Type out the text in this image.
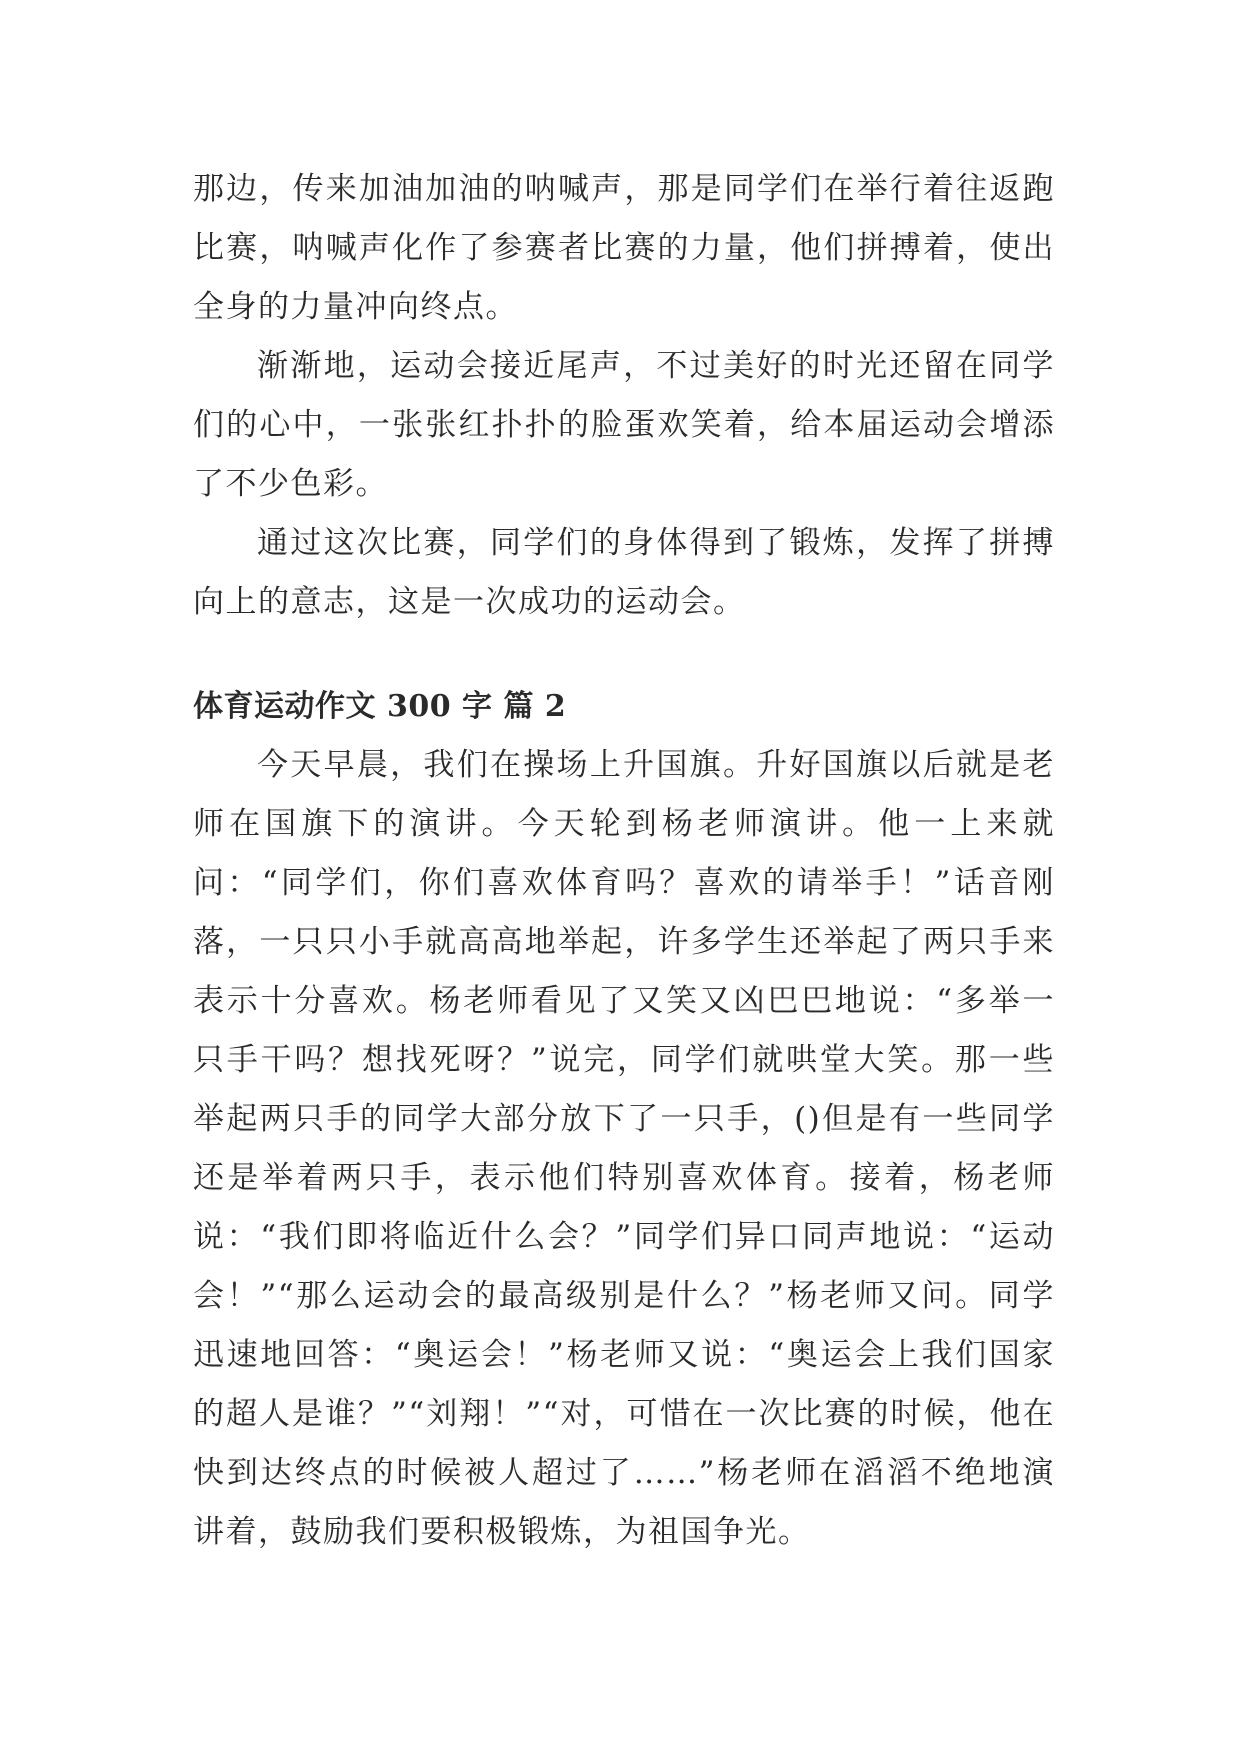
那边，传来加油加油的呐喊声，那是同学们在举行着往返跑比赛，呐喊声化作了参赛者比赛的力量，他们拼搏着，使出全身的力量冲向终点。

渐渐地，运动会接近尾声，不过美好的时光还留在同学们的心中，一张张红扑扑的脸蛋欢笑着，给本届运动会增添了不少色彩。

通过这次比赛，同学们的身体得到了锻炼，发挥了拼搏向上的意志，这是一次成功的运动会。

体育运动作文 300 字 篇 2

今天早晨，我们在操场上升国旗。升好国旗以后就是老师在国旗下的演讲。今天轮到杨老师演讲。他一上来就问：“同学们，你们喜欢体育吗？喜欢的请举手！”话音刚落，一只只小手就高高地举起，许多学生还举起了两只手来表示十分喜欢。杨老师看见了又笑又凶巴巴地说：“多举一只手干吗？想找死呀？”说完，同学们就哄堂大笑。那一些举起两只手的同学大部分放下了一只手，()但是有一些同学还是举着两只手，表示他们特别喜欢体育。接着，杨老师说：“我们即将临近什么会？”同学们异口同声地说：“运动会！”“那么运动会的最高级别是什么？”杨老师又问。同学迅速地回答：“奥运会！”杨老师又说：“奥运会上我们国家的超人是谁？”“刘翔！”“对，可惜在一次比赛的时候，他在快到达终点的时候被人超过了……”杨老师在滔滔不绝地演讲着，鼓励我们要积极锻炼，为祖国争光。
